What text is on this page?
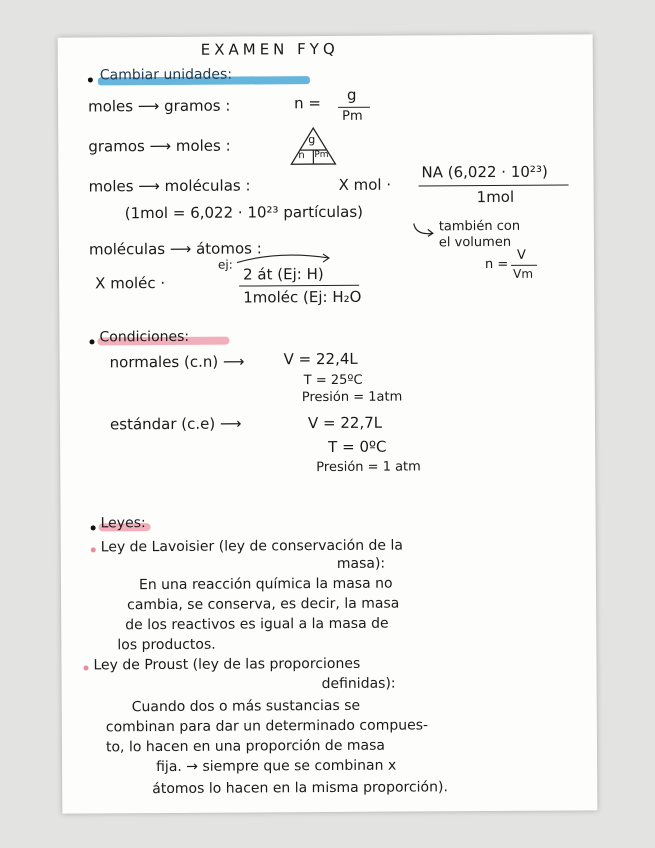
EXAMEN FYQ
Cambiar unidades:
moles ⟶ gramos :	n = g
Pm
gramos ⟶ moles :	g
n Pm
moles ⟶ moléculas :	X mol ·
NA (6,022 · 10²³)
1mol
(1mol = 6,022 · 10²³ partículas)
también con
el volumen
n =
V
Vm
moléculas ⟶ átomos :
ej:
X moléc ·	2 át (Ej: H)
1moléc (Ej: H₂O
Condiciones:
normales (c.n) ⟶	V = 22,4L
T = 25ºC
Presión = 1atm
estándar (c.e) ⟶	V = 22,7L
T = 0ºC
Presión = 1 atm
Leyes:
Ley de Lavoisier (ley de conservación de la
masa):
En una reacción química la masa no
cambia, se conserva, es decir, la masa
de los reactivos es igual a la masa de
los productos.
Ley de Proust (ley de las proporciones
definidas):
Cuando dos o más sustancias se
combinan para dar un determinado compues-
to, lo hacen en una proporción de masa
fija. → siempre que se combinan x
átomos lo hacen en la misma proporción).
